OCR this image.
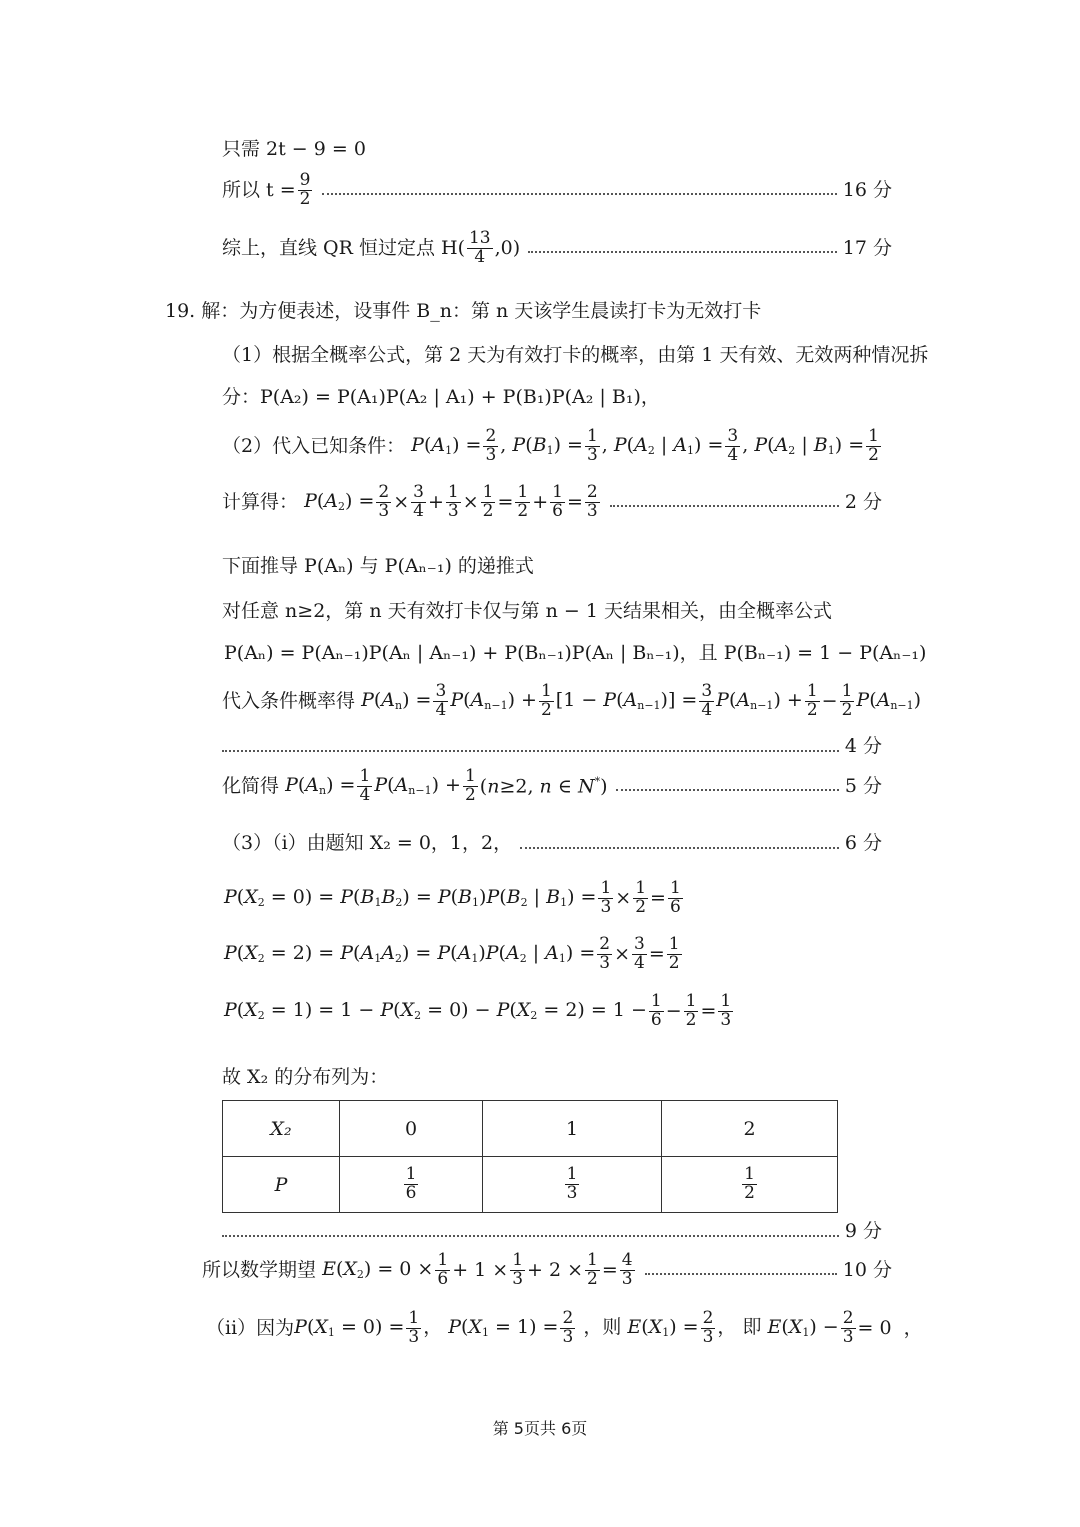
只需 2t − 9 = 0
所以 $t = \frac{9}{2}$	16 分
综上，直线 QR 恒过定点 $H( \frac{13}{4} ,0)$	17 分
19. 解：为方便表述，设事件 B_n：第 n 天该学生晨读打卡为无效打卡
（1）根据全概率公式，第 2 天为有效打卡的概率，由第 1 天有效、无效两种情况拆
分：P(A₂) = P(A₁)P(A₂ | A₁) + P(B₁)P(A₂ | B₁)，
（2）代入已知条件： $P(A_1) = \frac{2}{3}$ , $P(B_1) = \frac{1}{3}$ , $P(A_2$ | $A_1) = \frac{3}{4}$ , $P(A_2$ | $B_1) = \frac{1}{2}$
计算得： $P(A_2) = \frac{2}{3} \times \frac{3}{4} + \frac{1}{3} \times \frac{1}{2} = \frac{1}{2} + \frac{1}{6} = \frac{2}{3}$	2 分
下面推导 P(Aₙ) 与 P(Aₙ₋₁) 的递推式
对任意 n≥2，第 n 天有效打卡仅与第 n − 1 天结果相关，由全概率公式
P(Aₙ) = P(Aₙ₋₁)P(Aₙ | Aₙ₋₁) + P(Bₙ₋₁)P(Aₙ | Bₙ₋₁)，且 P(Bₙ₋₁) = 1 − P(Aₙ₋₁)
代入条件概率得 $P(A_n) = \frac{3}{4} P(A_{n-1}) + \frac{1}{2} [1 - P(A_{n-1})] = \frac{3}{4} P(A_{n-1}) + \frac{1}{2} - \frac{1}{2} P(A_{n-1})$
4 分
化简得 $P(A_n) = \frac{1}{4} P(A_{n-1}) + \frac{1}{2} (n\ge 2$, n ∈ N*)	5 分
（3）（ⅰ）由题知 X₂ = 0，1，2，	6 分
$P(X_2 = 0) = P(B_1B_2) = P(B_1)P(B_2$ | $B_1) = \frac{1}{3} \times \frac{1}{2} = \frac{1}{6}$
$P(X_2 = 2) = P(A_1A_2) = P(A_1)P(A_2$ | $A_1) = \frac{2}{3} \times \frac{3}{4} = \frac{1}{2}$
$P(X_2 = 1) = 1 - P(X_2 = 0) - P(X_2 = 2) = 1 - \frac{1}{6} - \frac{1}{2} = \frac{1}{3}$
故 X₂ 的分布列为：
X₂	0	1	2
P	$\frac{1}{6}$	$\frac{1}{3}$	$\frac{1}{2}$
9 分
所以数学期望 $E(X_2) = 0 \times \frac{1}{6} + 1 \times \frac{1}{3} + 2 \times \frac{1}{2} = \frac{4}{3}$	10 分
（ⅱ）因为 $P(X_1 = 0) = \frac{1}{3}$ ， $P(X_1 = 1) = \frac{2}{3}$ ，则 $E(X_1) = \frac{2}{3}$ ， 即 $E(X_1) - \frac{2}{3} = 0$  ，
第 5页共 6页
